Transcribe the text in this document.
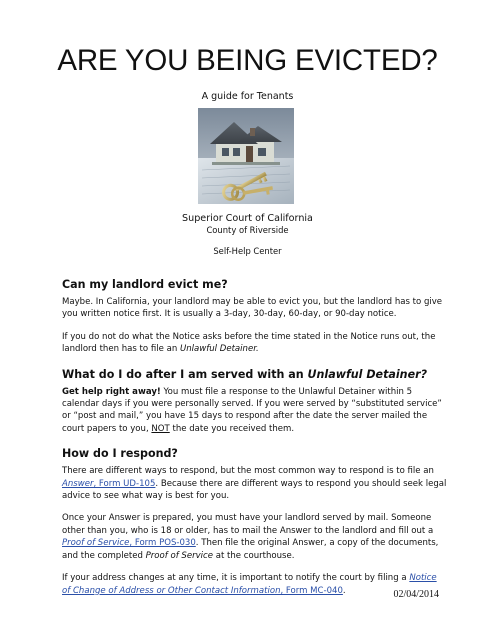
ARE YOU BEING EVICTED?
A guide for Tenants
Superior Court of California
County of Riverside
Self-Help Center
Can my landlord evict me?

Maybe. In California, your landlord may be able to evict you, but the landlord has to give you written notice first. It is usually a 3-day, 30-day, 60-day, or 90-day notice.

If you do not do what the Notice asks before the time stated in the Notice runs out, the landlord then has to file an Unlawful Detainer.

What do I do after I am served with an Unlawful Detainer?

Get help right away! You must file a response to the Unlawful Detainer within 5 calendar days if you were personally served. If you were served by “substituted service” or “post and mail,” you have 15 days to respond after the date the server mailed the court papers to you, NOT the date you received them.

How do I respond?

There are different ways to respond, but the most common way to respond is to file an Answer, Form UD-105. Because there are different ways to respond you should seek legal advice to see what way is best for you.

Once your Answer is prepared, you must have your landlord served by mail. Someone other than you, who is 18 or older, has to mail the Answer to the landlord and fill out a Proof of Service, Form POS-030. Then file the original Answer, a copy of the documents, and the completed Proof of Service at the courthouse.

If your address changes at any time, it is important to notify the court by filing a Notice of Change of Address or Other Contact Information, Form MC-040.	02/04/2014
